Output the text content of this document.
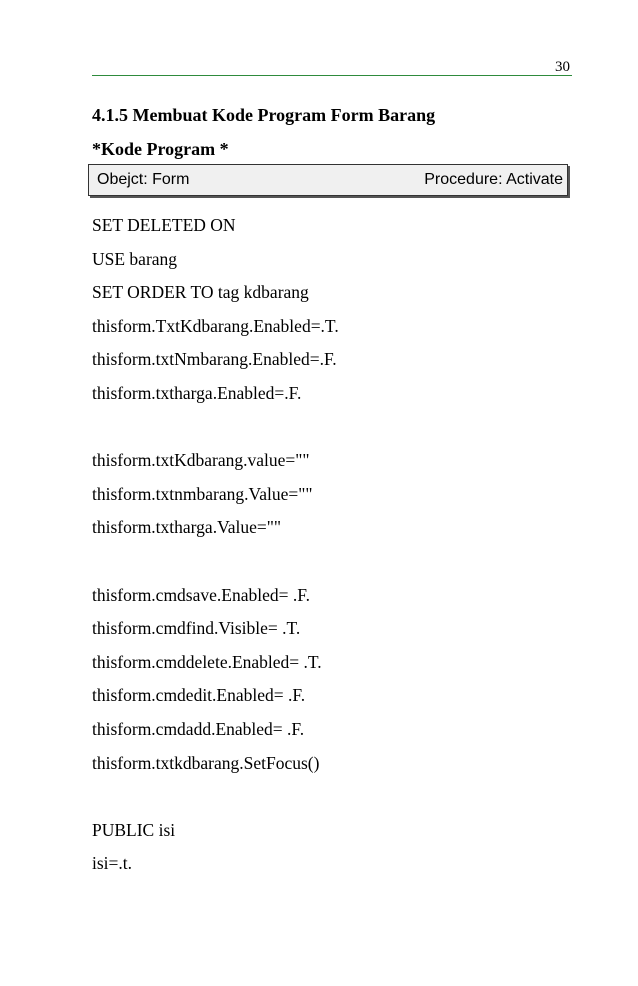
30
4.1.5 Membuat Kode Program Form Barang
*Kode Program *
Obejct: Form	Procedure: Activate
SET DELETED ON
USE barang
SET ORDER TO tag kdbarang
thisform.TxtKdbarang.Enabled=.T.
thisform.txtNmbarang.Enabled=.F.
thisform.txtharga.Enabled=.F.
thisform.txtKdbarang.value=""
thisform.txtnmbarang.Value=""
thisform.txtharga.Value=""
thisform.cmdsave.Enabled= .F.
thisform.cmdfind.Visible= .T.
thisform.cmddelete.Enabled= .T.
thisform.cmdedit.Enabled= .F.
thisform.cmdadd.Enabled= .F.
thisform.txtkdbarang.SetFocus()
PUBLIC isi
isi=.t.
